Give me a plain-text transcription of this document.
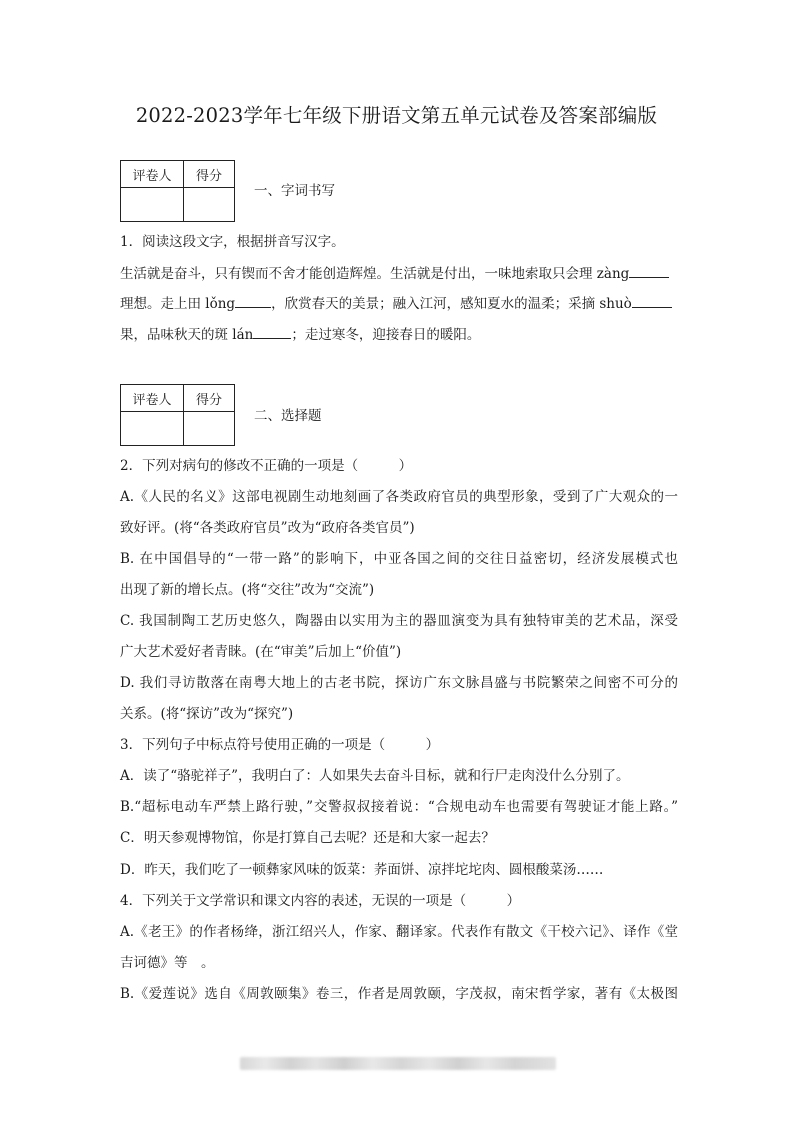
2022-2023学年七年级下册语文第五单元试卷及答案部编版
评卷人	得分

一、字词书写
1．阅读这段文字，根据拼音写汉字。
生活就是奋斗，只有锲而不舍才能创造辉煌。生活就是付出，一味地索取只会理 zàng
理想。走上田 lǒng	，欣赏春天的美景；融入江河，感知夏水的温柔；采摘 shuò
果，品味秋天的斑 lán	；走过寒冬，迎接春日的暖阳。
评卷人	得分

二、选择题
2．下列对病句的修改不正确的一项是（　　　）
A.《人民的名义》这部电视剧生动地刻画了各类政府官员的典型形象，受到了广大观众的一
致好评。(将“各类政府官员”改为“政府各类官员”)
B. 在中国倡导的“一带一路”的影响下，中亚各国之间的交往日益密切，经济发展模式也
出现了新的增长点。(将“交往”改为“交流”)
C. 我国制陶工艺历史悠久，陶器由以实用为主的器皿演变为具有独特审美的艺术品，深受
广大艺术爱好者青睐。(在“审美”后加上“价值”)
D. 我们寻访散落在南粤大地上的古老书院，探访广东文脉昌盛与书院繁荣之间密不可分的
关系。(将“探访”改为“探究”)
3．下列句子中标点符号使用正确的一项是（　　　）
A．读了“骆驼祥子”，我明白了：人如果失去奋斗目标，就和行尸走肉没什么分别了。
B.“超标电动车严禁上路行驶，”交警叔叔接着说：“合规电动车也需要有驾驶证才能上路。”
C．明天参观博物馆，你是打算自己去呢？还是和大家一起去？
D．昨天，我们吃了一顿彝家风味的饭菜：荞面饼、凉拌坨坨肉、圆根酸菜汤……
4．下列关于文学常识和课文内容的表述，无误的一项是（　　　）
A.《老王》的作者杨绛，浙江绍兴人，作家、翻译家。代表作有散文《干校六记》、译作《堂
吉诃德》等　。
B.《爱莲说》选自《周敦颐集》卷三，作者是周敦颐，字茂叔，南宋哲学家，著有《太极图
